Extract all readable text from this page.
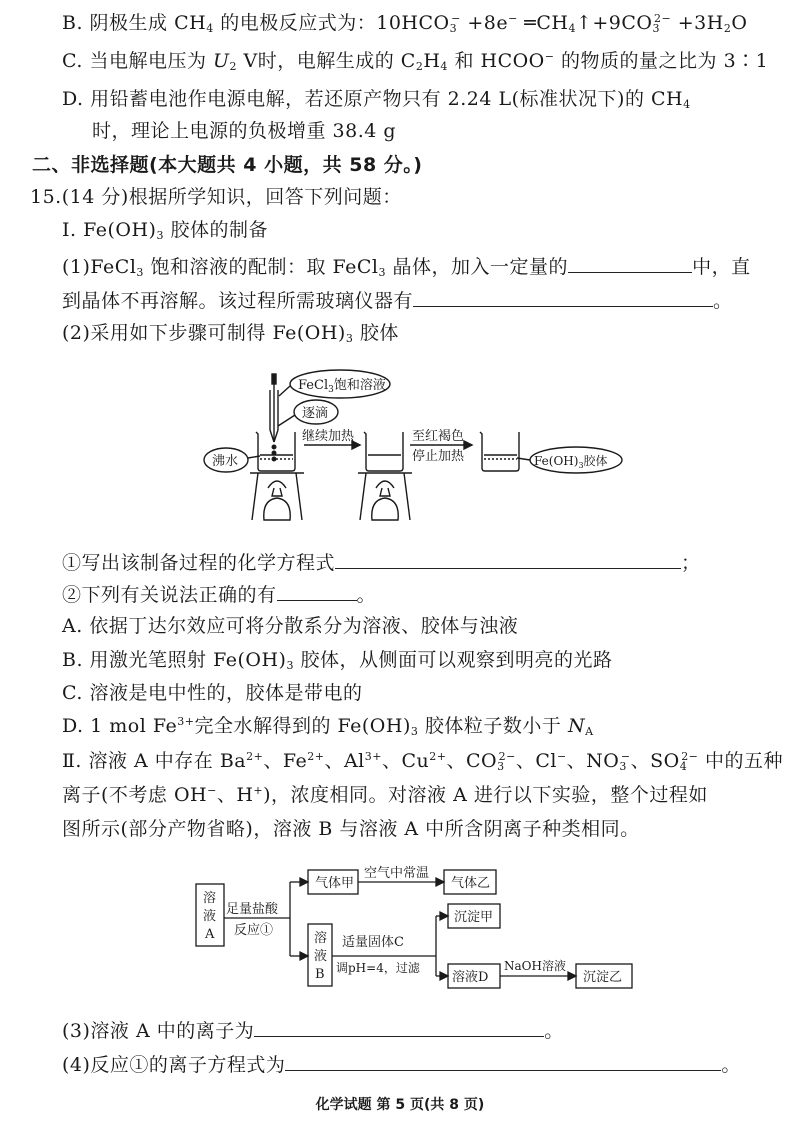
B. 阴极生成 $CH_4$ 的电极反应式为：$10HCO_3^- +8e^-$ $═CH_4↑+9CO_3^{2-} +3H_2O$
C. 当电解电压为 $U_2$ V时，电解生成的 $C_2H_4$ 和 HCOO− 的物质的量之比为 3∶1
D. 用铅蓄电池作电源电解，若还原产物只有 2.24 L(标准状况下)的 $CH_4$
时，理论上电源的负极增重 38.4 g
二、非选择题(本大题共 4 小题，共 58 分。)
15.(14 分)根据所学知识，回答下列问题：
Ⅰ. $Fe(OH)_3$ 胶体的制备
(1)FeCl$_3$ 饱和溶液的配制：取 FeCl$_3$ 晶体，加入一定量的	中，直
到晶体不再溶解。该过程所需玻璃仪器有	。
(2)采用如下步骤可制得 $Fe(OH)_3$ 胶体
FeCl$_3$饱和溶液
逐滴
沸水
继续加热	至红褐色
停止加热	$Fe(OH)_3$胶体
①写出该制备过程的化学方程式	；
②下列有关说法正确的有	。
A. 依据丁达尔效应可将分散系分为溶液、胶体与浊液
B. 用激光笔照射 $Fe(OH)_3$ 胶体，从侧面可以观察到明亮的光路
C. 溶液是电中性的，胶体是带电的
D. 1 mol $Fe^{3+}$完全水解得到的 $Fe(OH)_3$ 胶体粒子数小于 $N_A$
Ⅱ. 溶液 A 中存在 $Ba^{2+}$、$Fe^{2+}$、$Al^{3+}$、$Cu^{2+}$、$CO_3^{2-}$、Cl−、$NO_3^-$、$SO_4^{2-}$ 中的五种
离子(不考虑 OH−、H+)，浓度相同。对溶液 A 进行以下实验，整个过程如
图所示(部分产物省略)，溶液 B 与溶液 A 中所含阴离子种类相同。
溶
液
A
足量盐酸
反应①
气体甲
空气中常温
气体乙
溶
液
B
适量固体C
调pH=4，过滤
沉淀甲
溶液D
NaOH溶液
沉淀乙
(3)溶液 A 中的离子为	。
(4)反应①的离子方程式为	。
化学试题 第 5 页(共 8 页)
